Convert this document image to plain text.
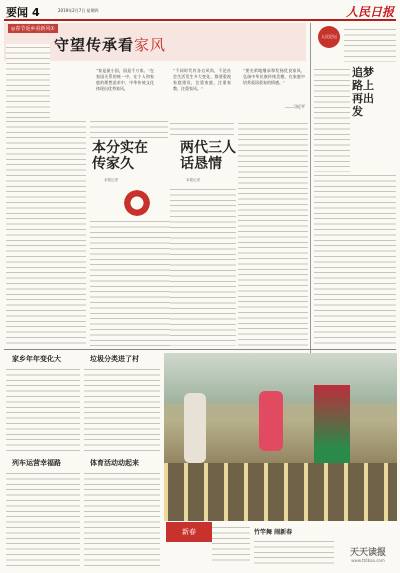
要闻 4	2019年2月7日 星期四	人民日报
◎春节返乡看新风①
守望传承看家风
“家是最小国，国是千万家。”在家国关系的统一中，在个人和家庭的理想追求中，中华传统文化体现出优秀家风。
“不同时代有各自风尚，不论社会生活发生多大变化，都要重视家庭建设，注重家庭、注重家教、注重家风。”
“要光荣地继承和发扬优良家风，弘扬中华民族传统美德，在家庭中培养爱国爱家的情感。”
——习近平

本分实在传家久
本报记者
两代三人话恳情
本报记者
人民论坛
追梦路上再出发
家乡年年变化大	垃圾分类进了村
列车运营幸福路	体育活动动起来
新春	竹竿舞 闹新春
天天读报
www.ttdbao.com
